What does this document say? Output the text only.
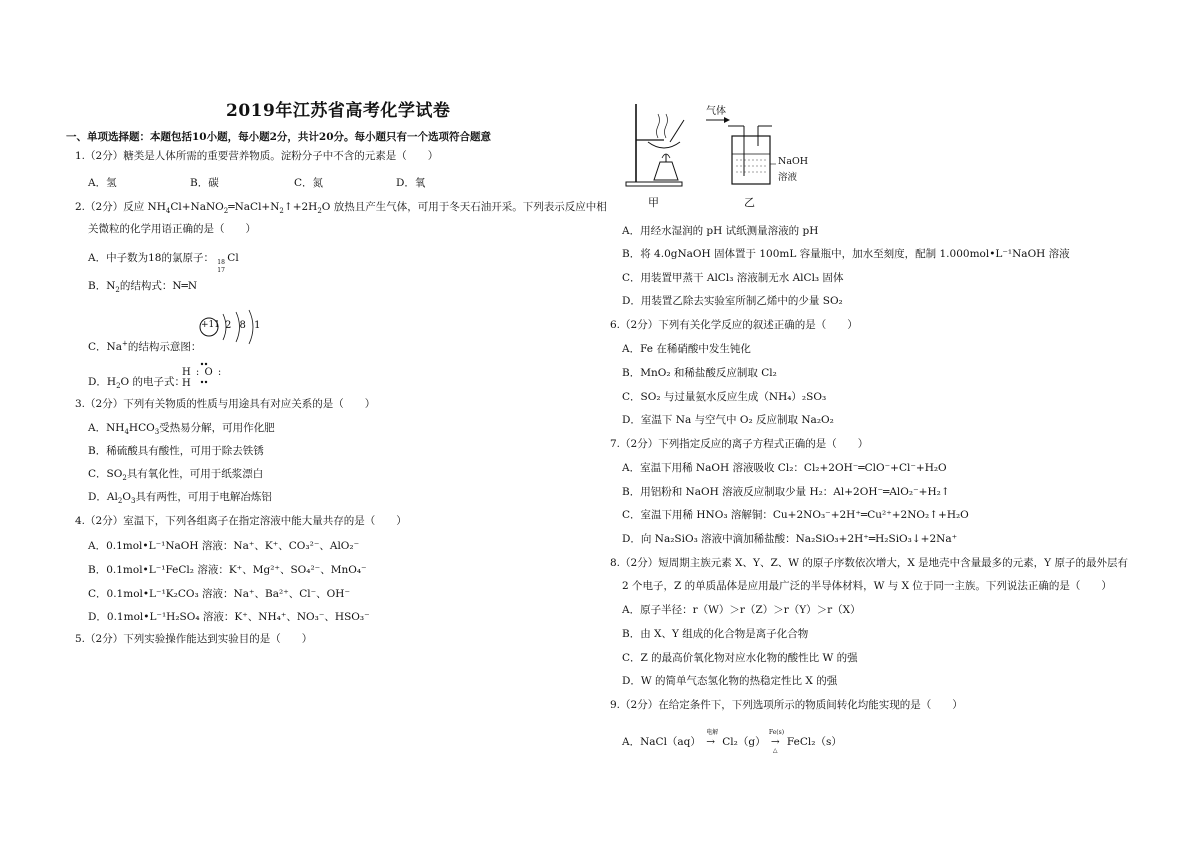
2019年江苏省高考化学试卷
一、单项选择题：本题包括10小题，每小题2分，共计20分。每小题只有一个选项符合题意
1.（2分）糖类是人体所需的重要营养物质。淀粉分子中不含的元素是（　　）
A．氢	B．碳	C．氮	D．氧
2.（2分）反应 $NH_4Cl+NaNO_2═NaCl+N_2↑+2H_2O$ 放热且产生气体，可用于冬天石油开采。下列表示反应中相
关微粒的化学用语正确的是（　　）
A．中子数为18的氯原子： 18
17
Cl
B．$N_2$的结构式：N═N
C．Na+的结构示意图：
+11 2 8 1
D．$H_2O$ 的电子式：
H : O : H
3.（2分）下列有关物质的性质与用途具有对应关系的是（　　）
A．$NH_4HCO_3$受热易分解，可用作化肥
B．稀硫酸具有酸性，可用于除去铁锈
C．$SO_2$具有氧化性，可用于纸浆漂白
D．$Al_2O_3$具有两性，可用于电解冶炼铝
4.（2分）室温下，下列各组离子在指定溶液中能大量共存的是（　　）
A．0.1mol•L⁻¹NaOH 溶液：Na⁺、K⁺、CO₃²⁻、AlO₂⁻
B．0.1mol•L⁻¹FeCl₂ 溶液：K⁺、Mg²⁺、SO₄²⁻、MnO₄⁻
C．0.1mol•L⁻¹K₂CO₃ 溶液：Na⁺、Ba²⁺、Cl⁻、OH⁻
D．0.1mol•L⁻¹H₂SO₄ 溶液：K⁺、NH₄⁺、NO₃⁻、HSO₃⁻
5.（2分）下列实验操作能达到实验目的是（　　）
气体
NaOH
溶液
甲	乙
A．用经水湿润的 pH 试纸测量溶液的 pH
B．将 4.0gNaOH 固体置于 100mL 容量瓶中，加水至刻度，配制 1.000mol•L⁻¹NaOH 溶液
C．用装置甲蒸干 AlCl₃ 溶液制无水 AlCl₃ 固体
D．用装置乙除去实验室所制乙烯中的少量 SO₂
6.（2分）下列有关化学反应的叙述正确的是（　　）
A．Fe 在稀硝酸中发生钝化
B．MnO₂ 和稀盐酸反应制取 Cl₂
C．SO₂ 与过量氨水反应生成（NH₄）₂SO₃
D．室温下 Na 与空气中 O₂ 反应制取 Na₂O₂
7.（2分）下列指定反应的离子方程式正确的是（　　）
A．室温下用稀 NaOH 溶液吸收 Cl₂：Cl₂+2OH⁻═ClO⁻+Cl⁻+H₂O
B．用铝粉和 NaOH 溶液反应制取少量 H₂：Al+2OH⁻═AlO₂⁻+H₂↑
C．室温下用稀 HNO₃ 溶解铜：Cu+2NO₃⁻+2H⁺═Cu²⁺+2NO₂↑+H₂O
D．向 Na₂SiO₃ 溶液中滴加稀盐酸：Na₂SiO₃+2H⁺═H₂SiO₃↓+2Na⁺
8.（2分）短周期主族元素 X、Y、Z、W 的原子序数依次增大，X 是地壳中含量最多的元素，Y 原子的最外层有
2 个电子，Z 的单质晶体是应用最广泛的半导体材料，W 与 X 位于同一主族。下列说法正确的是（　　）
A．原子半径：r（W）＞r（Z）＞r（Y）＞r（X）
B．由 X、Y 组成的化合物是离子化合物
C．Z 的最高价氧化物对应水化物的酸性比 W 的强
D．W 的简单气态氢化物的热稳定性比 X 的强
9.（2分）在给定条件下，下列选项所示的物质间转化均能实现的是（　　）
A．NaCl（aq）
电解
→ Cl₂（g）
Fe(s)
→
△
FeCl₂（s）
